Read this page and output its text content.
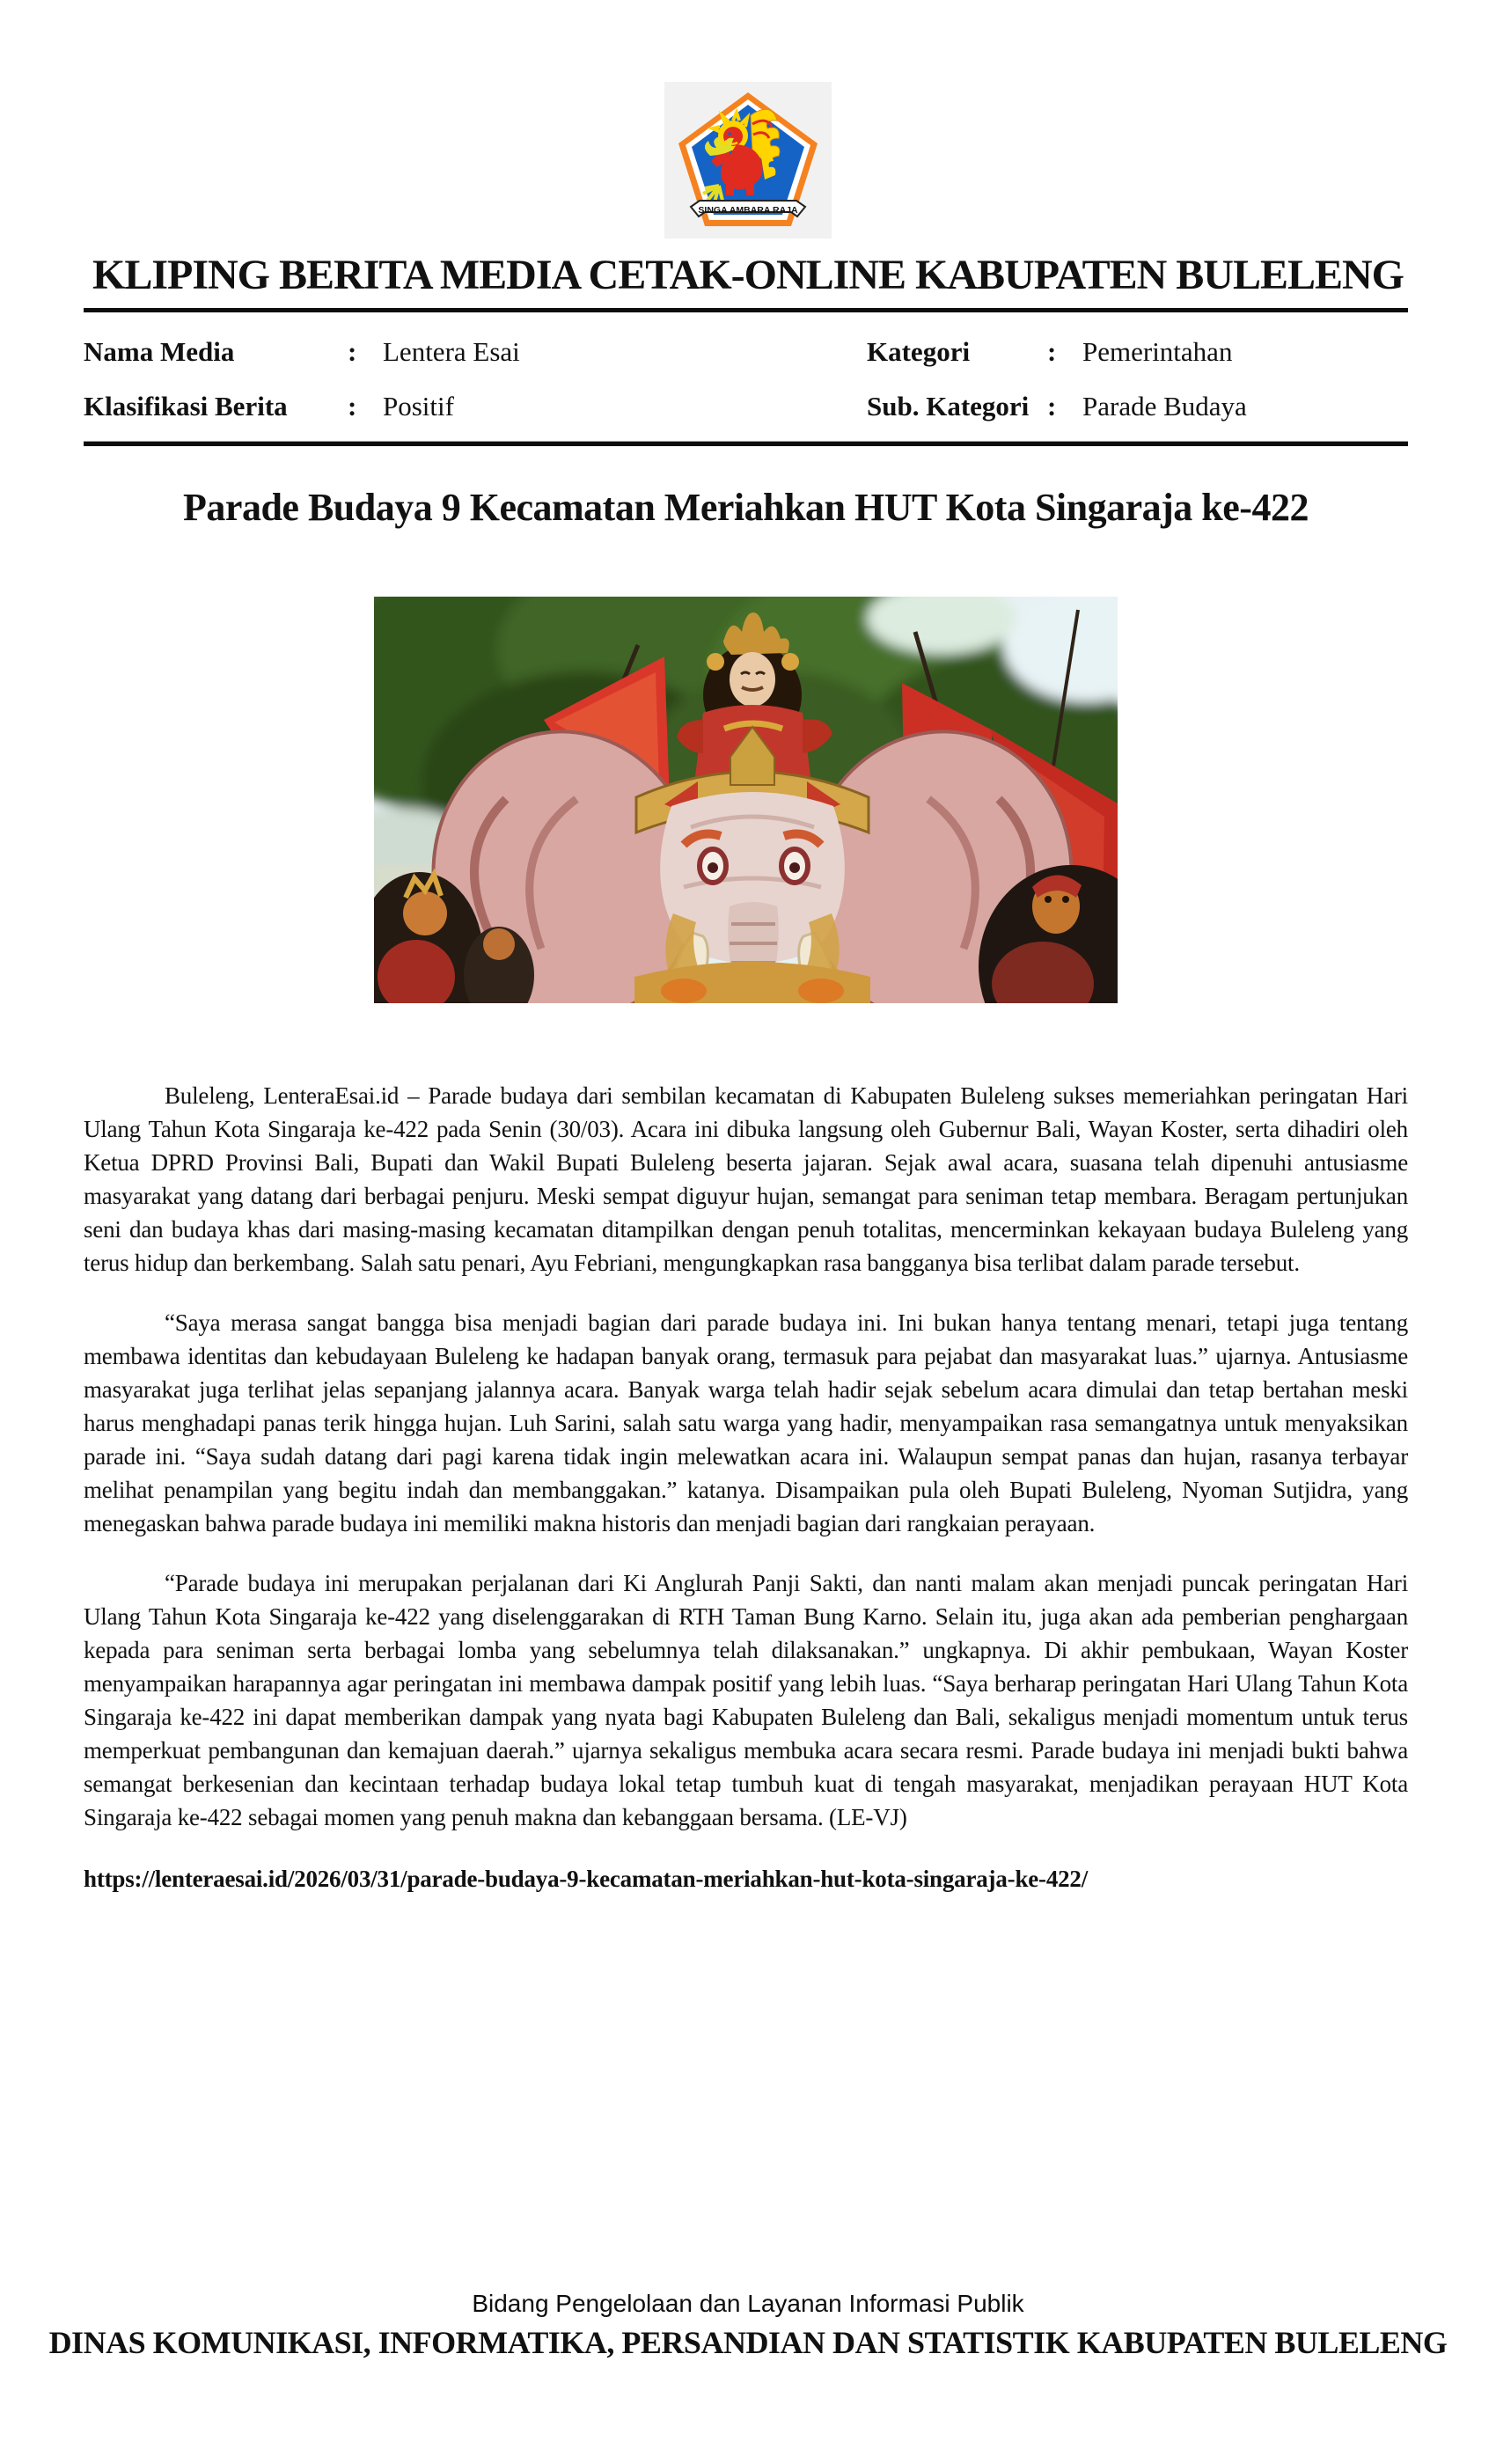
SINGA AMBARA RAJA
KLIPING BERITA MEDIA CETAK-ONLINE KABUPATEN BULELENG
Nama Media	: Lentera Esai	Kategori	: Pemerintahan
Klasifikasi Berita	: Positif	Sub. Kategori : Parade Budaya
Parade Budaya 9 Kecamatan Meriahkan HUT Kota Singaraja ke-422

Buleleng, LenteraEsai.id – Parade budaya dari sembilan kecamatan di Kabupaten Buleleng sukses memeriahkan peringatan Hari Ulang Tahun Kota Singaraja ke-422 pada Senin (30/03). Acara ini dibuka langsung oleh Gubernur Bali, Wayan Koster, serta dihadiri oleh Ketua DPRD Provinsi Bali, Bupati dan Wakil Bupati Buleleng beserta jajaran. Sejak awal acara, suasana telah dipenuhi antusiasme masyarakat yang datang dari berbagai penjuru. Meski sempat diguyur hujan, semangat para seniman tetap membara. Beragam pertunjukan seni dan budaya khas dari masing-masing kecamatan ditampilkan dengan penuh totalitas, mencerminkan kekayaan budaya Buleleng yang terus hidup dan berkembang. Salah satu penari, Ayu Febriani, mengungkapkan rasa bangganya bisa terlibat dalam parade tersebut.

“Saya merasa sangat bangga bisa menjadi bagian dari parade budaya ini. Ini bukan hanya tentang menari, tetapi juga tentang membawa identitas dan kebudayaan Buleleng ke hadapan banyak orang, termasuk para pejabat dan masyarakat luas.” ujarnya. Antusiasme masyarakat juga terlihat jelas sepanjang jalannya acara. Banyak warga telah hadir sejak sebelum acara dimulai dan tetap bertahan meski harus menghadapi panas terik hingga hujan. Luh Sarini, salah satu warga yang hadir, menyampaikan rasa semangatnya untuk menyaksikan parade ini. “Saya sudah datang dari pagi karena tidak ingin melewatkan acara ini. Walaupun sempat panas dan hujan, rasanya terbayar melihat penampilan yang begitu indah dan membanggakan.” katanya. Disampaikan pula oleh Bupati Buleleng, Nyoman Sutjidra, yang menegaskan bahwa parade budaya ini memiliki makna historis dan menjadi bagian dari rangkaian perayaan.

“Parade budaya ini merupakan perjalanan dari Ki Anglurah Panji Sakti, dan nanti malam akan menjadi puncak peringatan Hari Ulang Tahun Kota Singaraja ke-422 yang diselenggarakan di RTH Taman Bung Karno. Selain itu, juga akan ada pemberian penghargaan kepada para seniman serta berbagai lomba yang sebelumnya telah dilaksanakan.” ungkapnya. Di akhir pembukaan, Wayan Koster menyampaikan harapannya agar peringatan ini membawa dampak positif yang lebih luas. “Saya berharap peringatan Hari Ulang Tahun Kota Singaraja ke-422 ini dapat memberikan dampak yang nyata bagi Kabupaten Buleleng dan Bali, sekaligus menjadi momentum untuk terus memperkuat pembangunan dan kemajuan daerah.” ujarnya sekaligus membuka acara secara resmi. Parade budaya ini menjadi bukti bahwa semangat berkesenian dan kecintaan terhadap budaya lokal tetap tumbuh kuat di tengah masyarakat, menjadikan perayaan HUT Kota Singaraja ke-422 sebagai momen yang penuh makna dan kebanggaan bersama. (LE-VJ)

https://lenteraesai.id/2026/03/31/parade-budaya-9-kecamatan-meriahkan-hut-kota-singaraja-ke-422/
Bidang Pengelolaan dan Layanan Informasi Publik
DINAS KOMUNIKASI, INFORMATIKA, PERSANDIAN DAN STATISTIK KABUPATEN BULELENG
